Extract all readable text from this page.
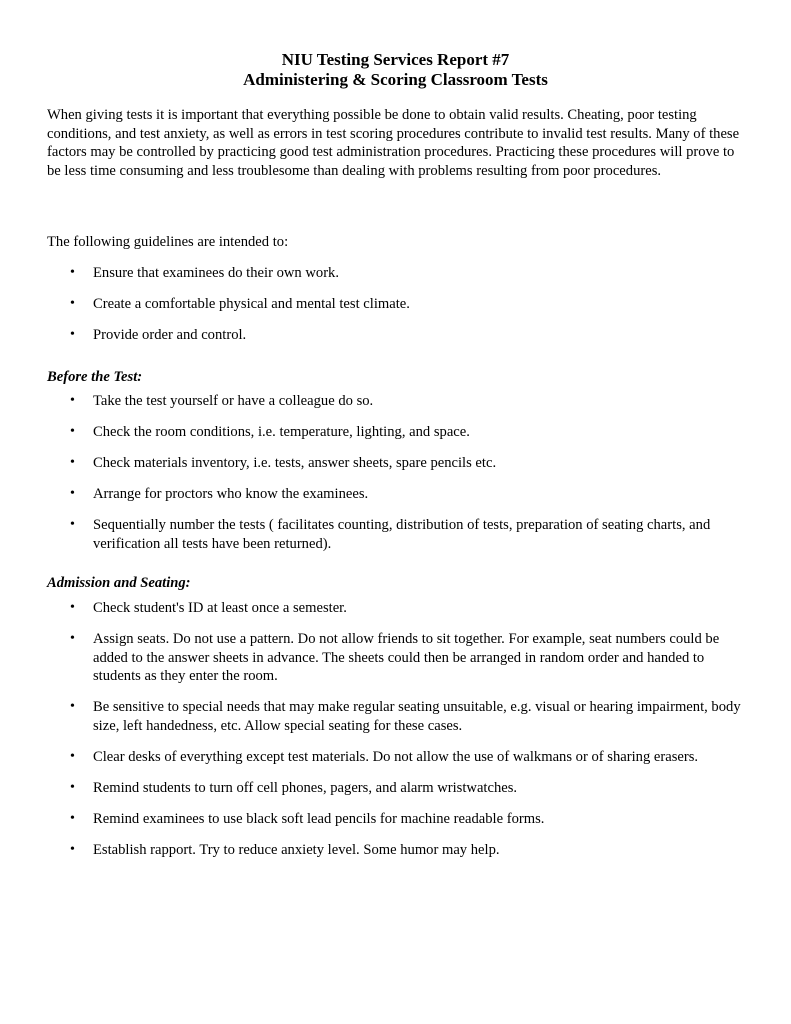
NIU Testing Services Report #7
Administering & Scoring Classroom Tests
When giving tests it is important that everything possible be done to obtain valid results. Cheating, poor testing conditions, and test anxiety, as well as errors in test scoring procedures contribute to invalid test results. Many of these factors may be controlled by practicing good test administration procedures. Practicing these procedures will prove to be less time consuming and less troublesome than dealing with problems resulting from poor procedures.
The following guidelines are intended to:
• Ensure that examinees do their own work.
• Create a comfortable physical and mental test climate.
• Provide order and control.
Before the Test:
• Take the test yourself or have a colleague do so.
• Check the room conditions, i.e. temperature, lighting, and space.
• Check materials inventory, i.e. tests, answer sheets, spare pencils etc.
• Arrange for proctors who know the examinees.
• Sequentially number the tests ( facilitates counting, distribution of tests, preparation of seating charts, and verification all tests have been returned).
Admission and Seating:
• Check student's ID at least once a semester.
• Assign seats. Do not use a pattern. Do not allow friends to sit together. For example, seat numbers could be added to the answer sheets in advance. The sheets could then be arranged in random order and handed to students as they enter the room.
• Be sensitive to special needs that may make regular seating unsuitable, e.g. visual or hearing impairment, body size, left handedness, etc. Allow special seating for these cases.
• Clear desks of everything except test materials. Do not allow the use of walkmans or of sharing erasers.
• Remind students to turn off cell phones, pagers, and alarm wristwatches.
• Remind examinees to use black soft lead pencils for machine readable forms.
• Establish rapport. Try to reduce anxiety level. Some humor may help.
